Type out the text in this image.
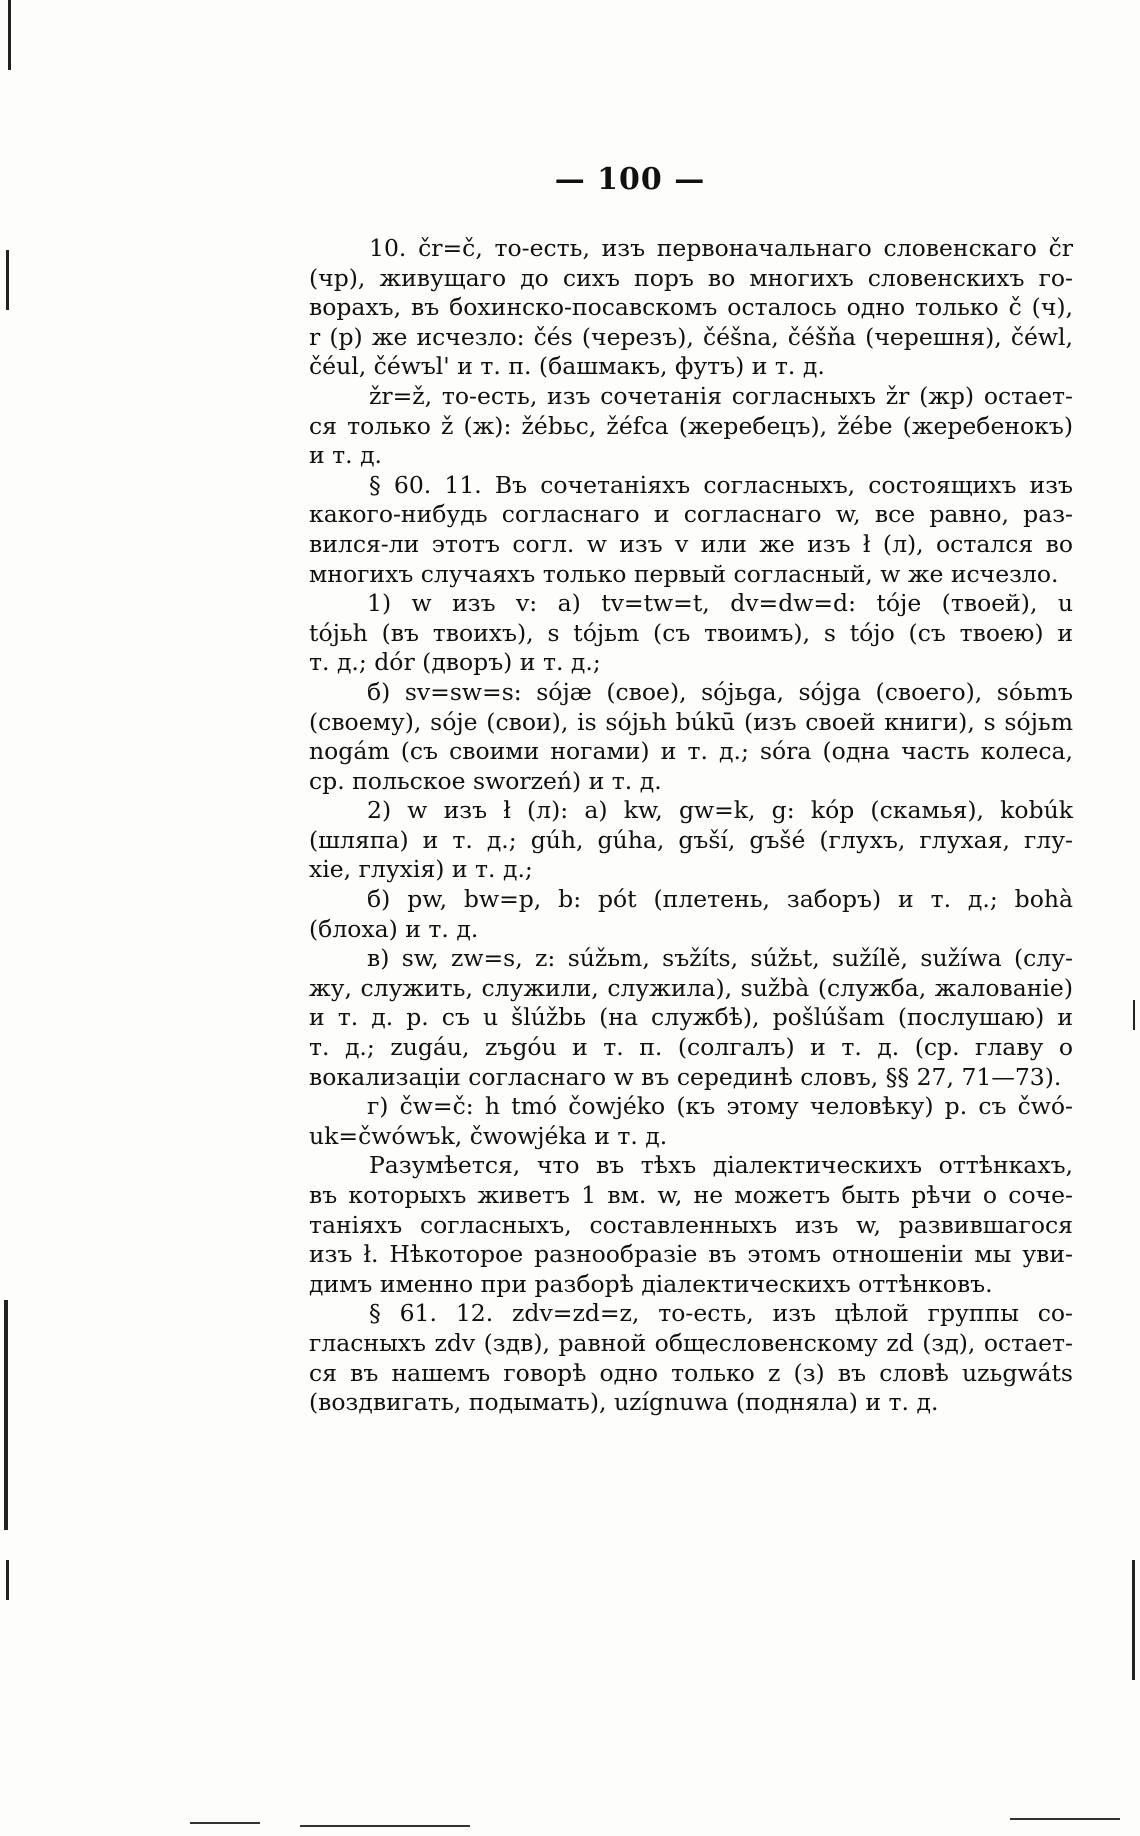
— 100 —
10. čr=č, то-есть, изъ первоначальнаго словенскаго čr
(чр), живущаго до сихъ поръ во многихъ словенскихъ го-
ворахъ, въ бохинско-посавскомъ осталось одно только č (ч),
r (р) же исчезло: čés (черезъ), čéšna, čéšňa (черешня), čéwl,
čéul, čéwъl' и т. п. (башмакъ, футъ) и т. д.
žr=ž, то-есть, изъ сочетанія согласныхъ žr (жр) остает-
ся только ž (ж): žébьc, žéfca (жеребецъ), žébe (жеребенокъ)
и т. д.
§ 60. 11. Въ сочетаніяхъ согласныхъ, состоящихъ изъ
какого-нибудь согласнаго и согласнаго w, все равно, раз-
вился-ли этотъ согл. w изъ v или же изъ ł (л), остался во
многихъ случаяхъ только первый согласный, w же исчезло.
1) w изъ v: а) tv=tw=t, dv=dw=d: tóje (твоей), u
tójьh (въ твоихъ), s tójьm (съ твоимъ), s tójo (съ твоею) и
т. д.; dór (дворъ) и т. д.;
б) sv=sw=s: sójæ (свое), sójьga, sójga (своего), sóьmъ
(своему), sóje (свои), is sójьh búkū (изъ своей книги), s sójьm
nogám (съ своими ногами) и т. д.; sóra (одна часть колеса,
ср. польское sworzeń) и т. д.
2) w изъ ł (л): а) kw, gw=k, g: kóp (скамья), kobúk
(шляпа) и т. д.; gúh, gúha, gъší, gъšé (глухъ, глухая, глу-
хіе, глухія) и т. д.;
б) pw, bw=p, b: pót (плетень, заборъ) и т. д.; bohà
(блоха) и т. д.
в) sw, zw=s, z: súžьm, sъžíts, súžьt, sužílě, sužíwa (слу-
жу, служить, служили, служила), sužbà (служба, жалованіе)
и т. д. р. съ u šlúžbь (на службѣ), pošlúšam (послушаю) и
т. д.; zugáu, zъgóu и т. п. (солгалъ) и т. д. (ср. главу о
вокализаціи согласнаго w въ серединѣ словъ, §§ 27, 71—73).
г) čw=č: h tmó čowjéko (къ этому человѣку) р. съ čwó-
uk=čwówъk, čwowjéka и т. д.
Разумѣется, что въ тѣхъ діалектическихъ оттѣнкахъ,
въ которыхъ живетъ 1 вм. w, не можетъ быть рѣчи о соче-
таніяхъ согласныхъ, составленныхъ изъ w, развившагося
изъ ł. Нѣкоторое разнообразіе въ этомъ отношеніи мы уви-
димъ именно при разборѣ діалектическихъ оттѣнковъ.
§ 61. 12. zdv=zd=z, то-есть, изъ цѣлой группы со-
гласныхъ zdv (здв), равной общесловенскому zd (зд), остает-
ся въ нашемъ говорѣ одно только z (з) въ словѣ uzьgwáts
(воздвигать, подымать), uzígnuwa (подняла) и т. д.
